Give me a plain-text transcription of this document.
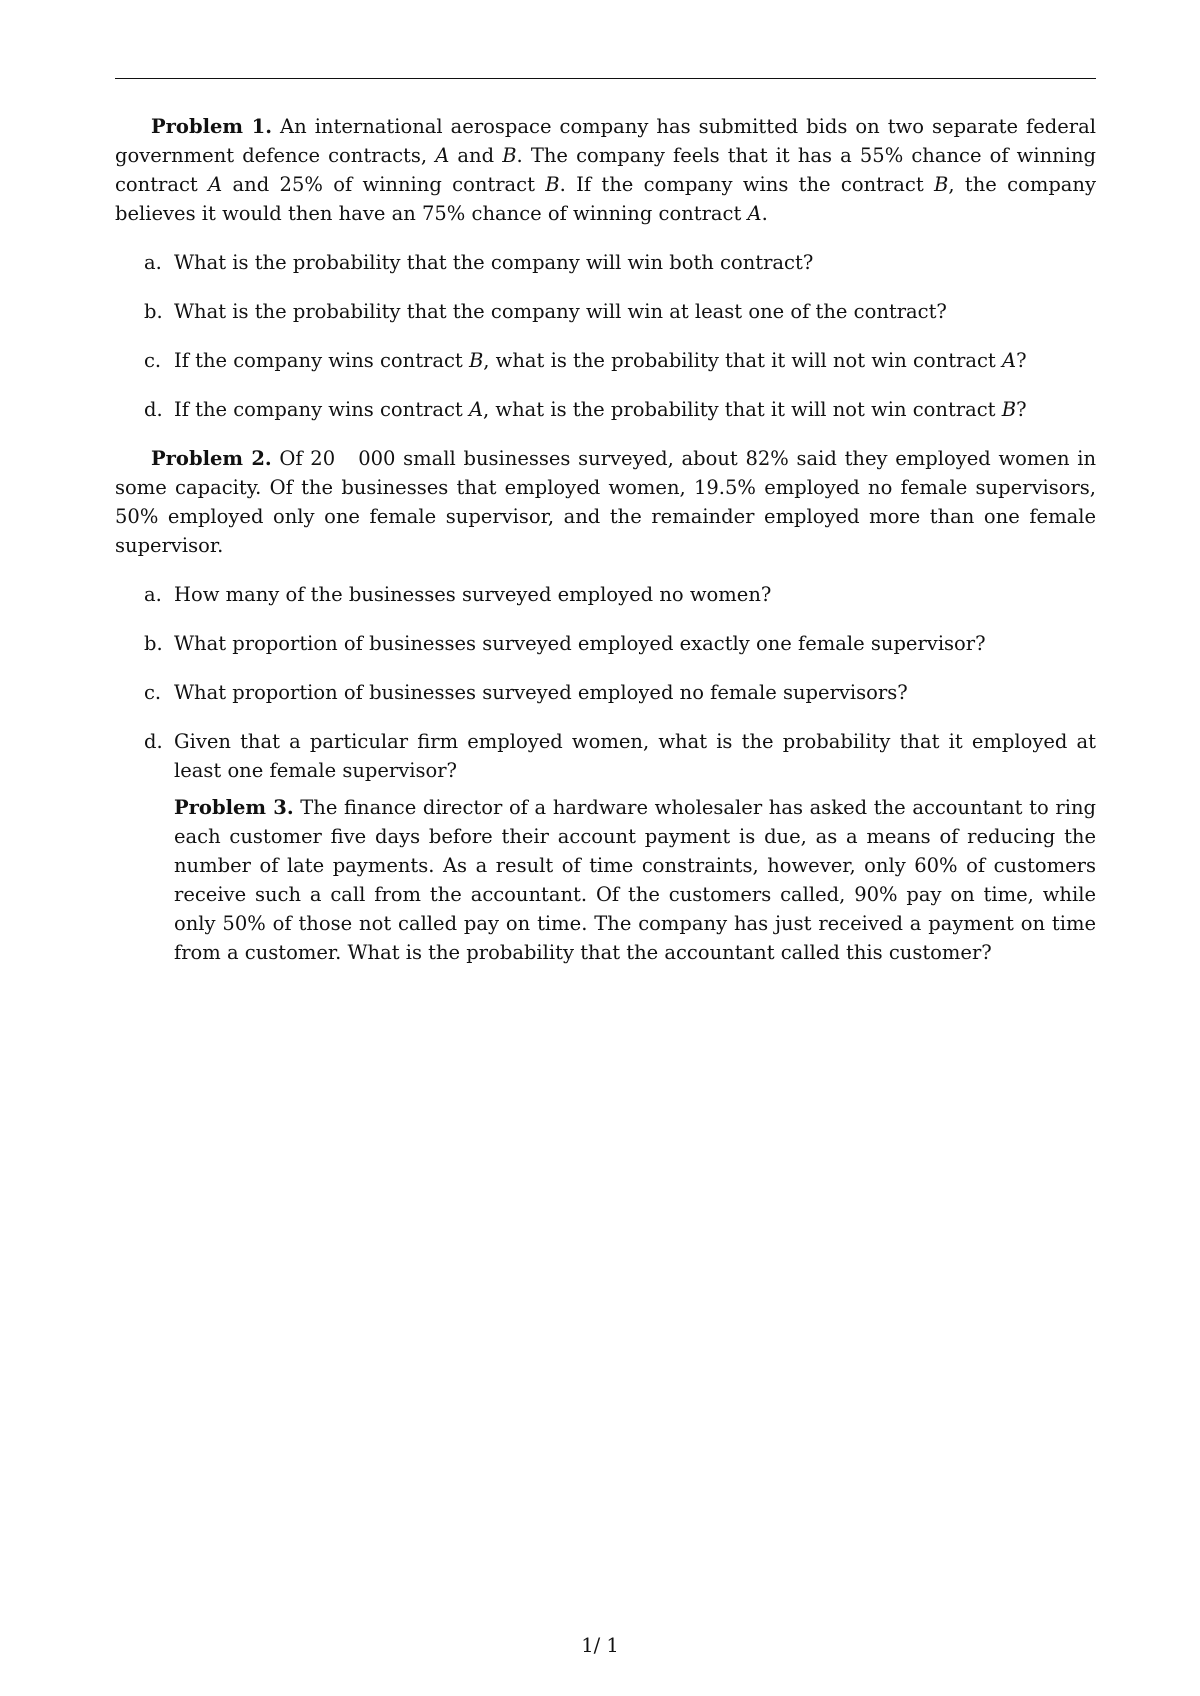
Problem 1. An international aerospace company has submitted bids on two separate federal government defence contracts, A and B. The company feels that it has a 55% chance of winning contract A and 25% of winning contract B. If the company wins the contract B, the company believes it would then have an 75% chance of winning contract A.

a. What is the probability that the company will win both contract?
b. What is the probability that the company will win at least one of the contract?
c. If the company wins contract B, what is the probability that it will not win contract A?
d. If the company wins contract A, what is the probability that it will not win contract B?

Problem 2. Of 20   000 small businesses surveyed, about 82% said they employed women in some capacity. Of the businesses that employed women, 19.5% employed no female supervisors, 50% employed only one female supervisor, and the remainder employed more than one female supervisor.

a. How many of the businesses surveyed employed no women?
b. What proportion of businesses surveyed employed exactly one female supervisor?
c. What proportion of businesses surveyed employed no female supervisors?
d. Given that a particular firm employed women, what is the probability that it employed at least one female supervisor?

Problem 3. The finance director of a hardware wholesaler has asked the accountant to ring each customer five days before their account payment is due, as a means of reducing the number of late payments. As a result of time constraints, however, only 60% of customers receive such a call from the accountant. Of the customers called, 90% pay on time, while only 50% of those not called pay on time. The company has just received a payment on time from a customer. What is the probability that the accountant called this customer?

1/ 1
